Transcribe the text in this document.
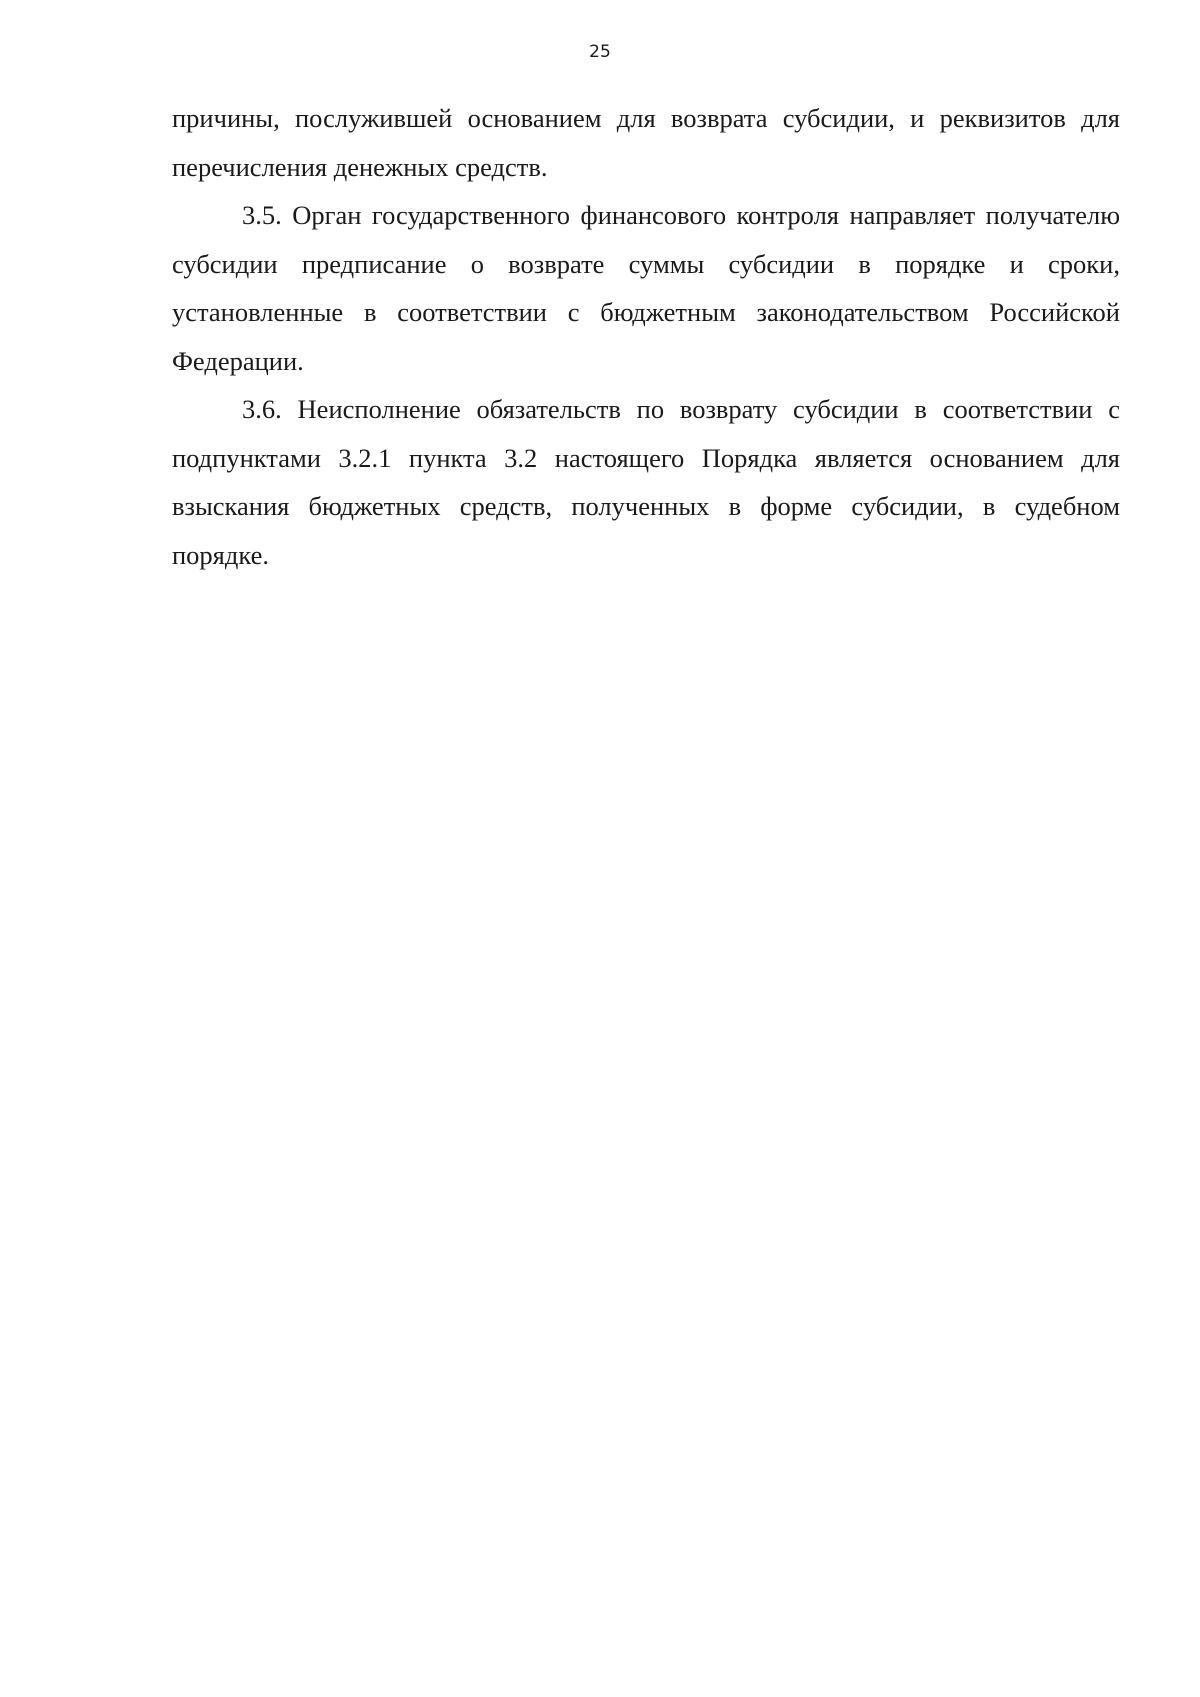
25

причины, послужившей основанием для возврата субсидии, и реквизитов для перечисления денежных средств.

3.5. Орган государственного финансового контроля направляет получателю субсидии предписание о возврате суммы субсидии в порядке и сроки, установленные в соответствии с бюджетным законодательством Российской Федерации.

3.6. Неисполнение обязательств по возврату субсидии в соответствии с подпунктами 3.2.1 пункта 3.2 настоящего Порядка является основанием для взыскания бюджетных средств, полученных в форме субсидии, в судебном порядке.
